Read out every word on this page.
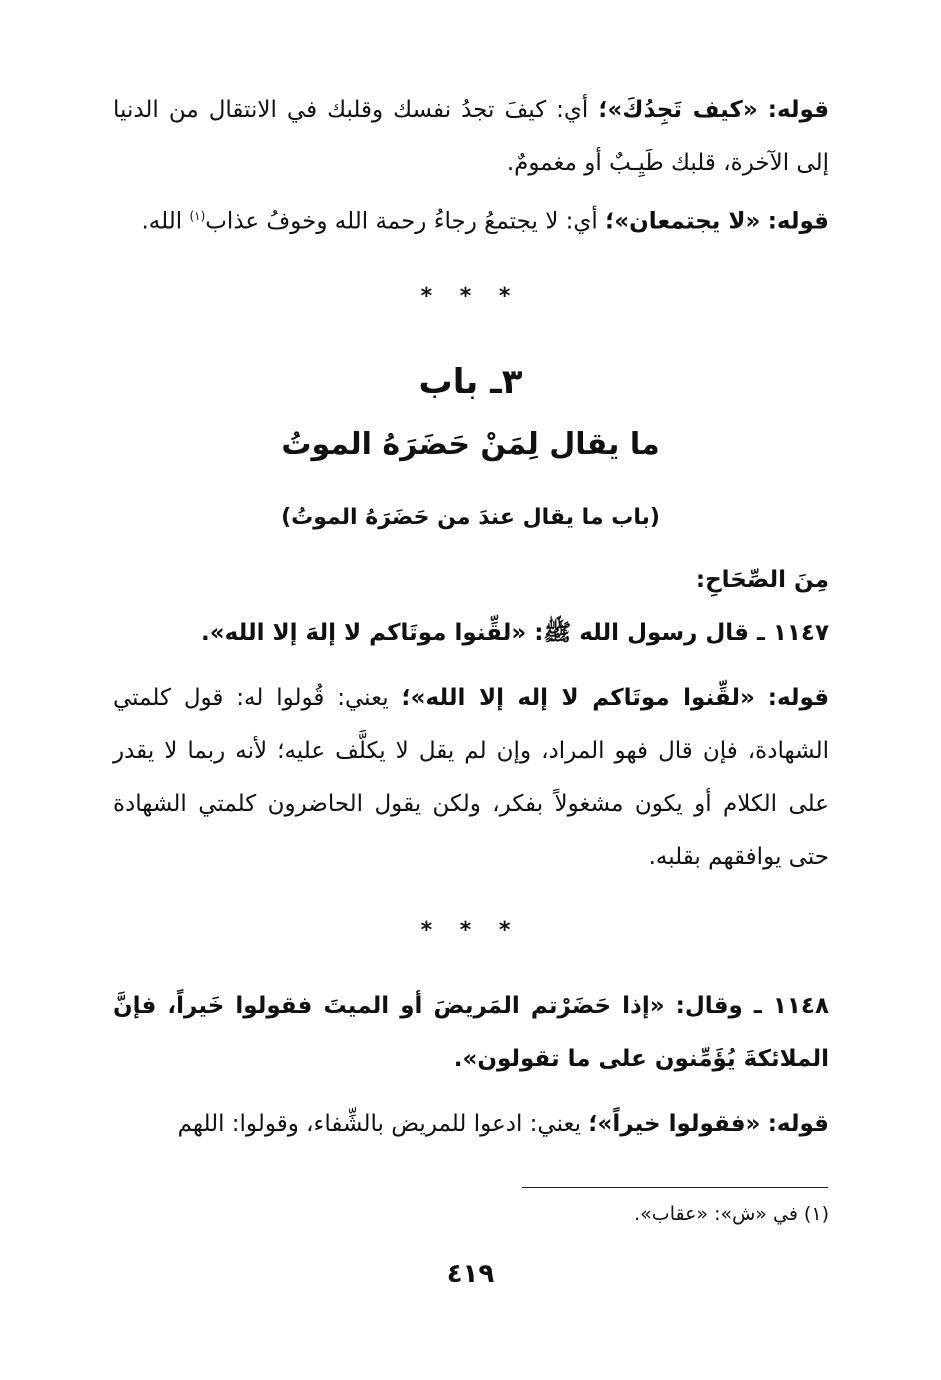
قوله: «كيف تَجِدُكَ»؛ أي: كيفَ تجدُ نفسك وقلبك في الانتقال من الدنيا إلى الآخرة، قلبك طَيِـبٌ أو مغمومٌ.
قوله: «لا يجتمعان»؛ أي: لا يجتمعُ رجاءُ رحمة الله وخوفُ عذاب$^{(١)}$ الله.
* * *
٣ـ باب
ما يقال لِمَنْ حَضَرَهُ الموتُ
(باب ما يقال عندَ من حَضَرَهُ الموتُ)
مِنَ الصِّحَاحِ:
١١٤٧ ـ قال رسول الله ﷺ: «لقِّنوا موتَاكم لا إلهَ إلا الله».
قوله: «لقِّنوا موتَاكم لا إله إلا الله»؛ يعني: قُولوا له: قول كلمتي الشهادة، فإن قال فهو المراد، وإن لم يقل لا يكلَّف عليه؛ لأنه ربما لا يقدر على الكلام أو يكون مشغولاً بفكر، ولكن يقول الحاضرون كلمتي الشهادة حتى يوافقهم بقلبه.
* * *
١١٤٨ ـ وقال: «إذا حَضَرْتم المَريضَ أو الميتَ فقولوا خَيراً، فإنَّ الملائكةَ يُؤَمِّنون على ما تقولون».
قوله: «فقولوا خيراً»؛ يعني: ادعوا للمريض بالشِّفاء، وقولوا: اللهم
(١) في «ش»: «عقاب».
٤١٩
